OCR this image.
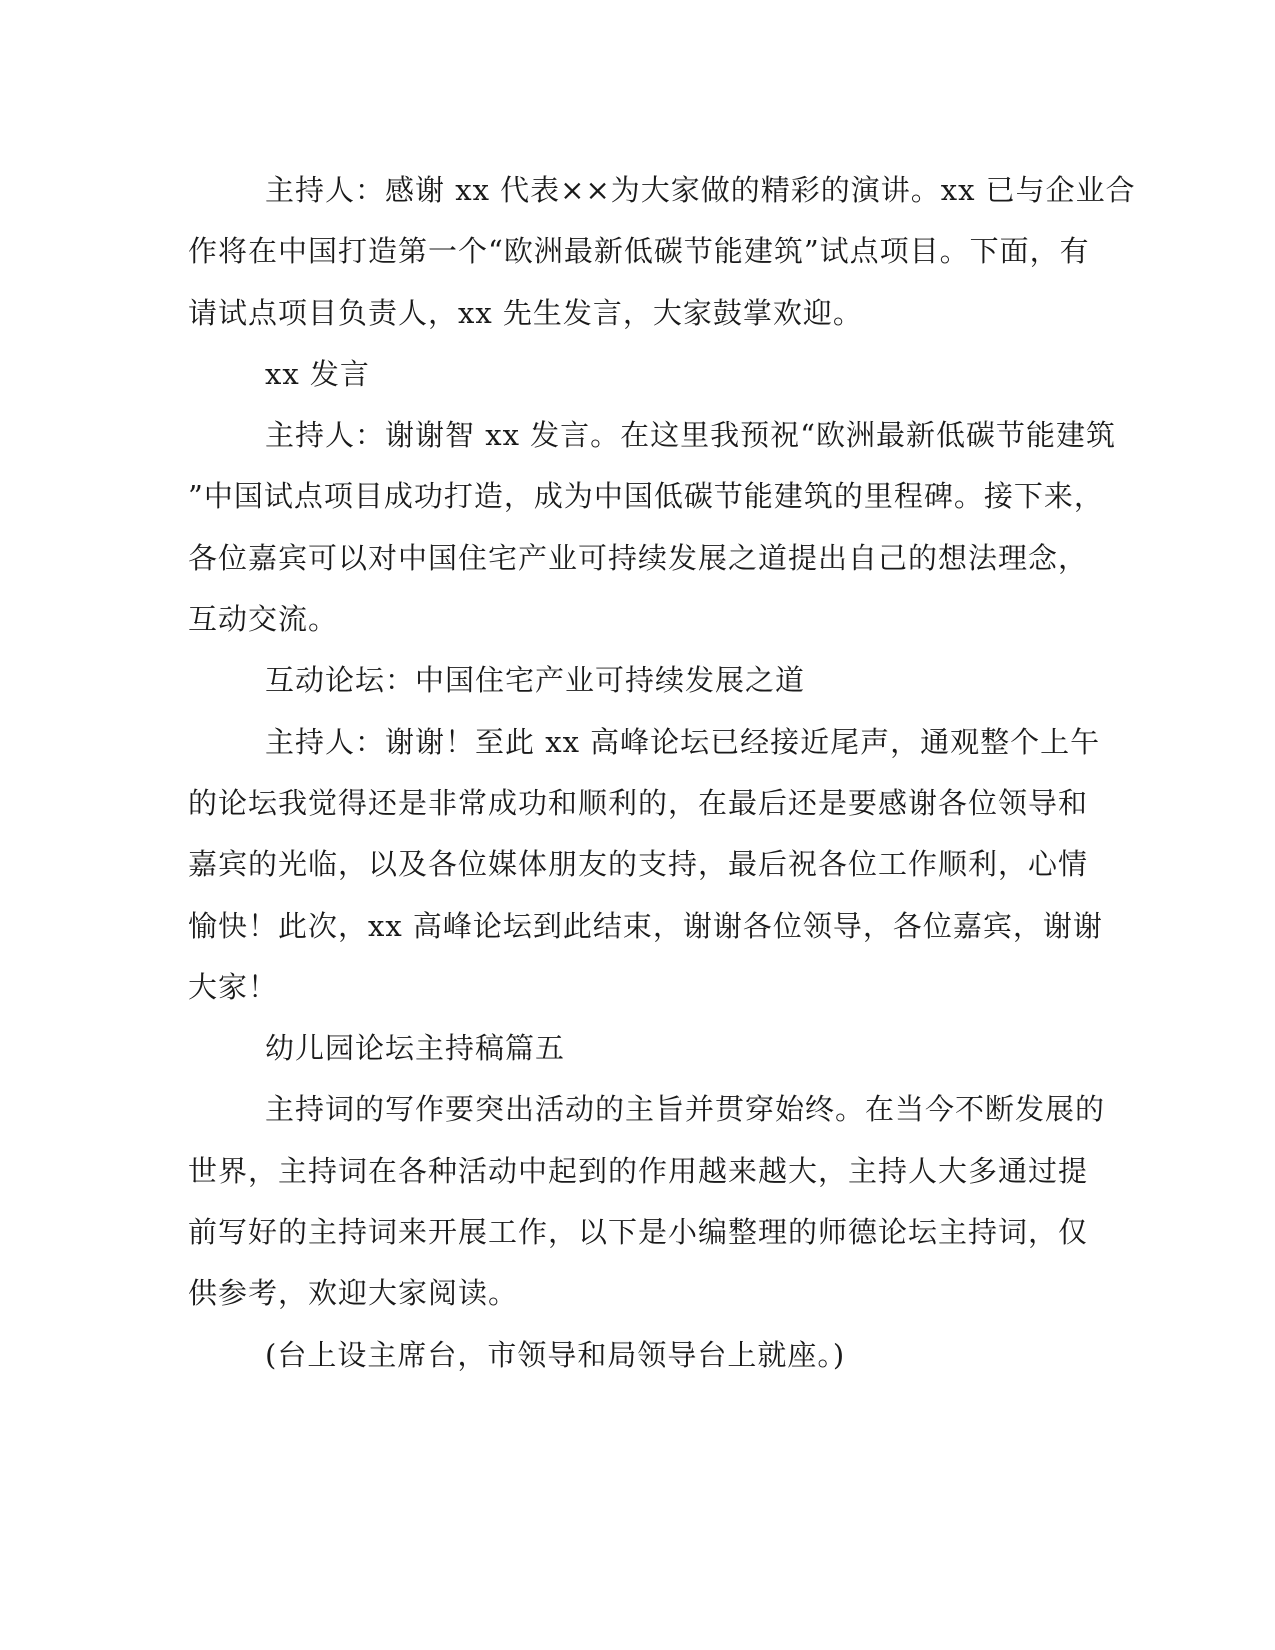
主持人：感谢 xx 代表××为大家做的精彩的演讲。xx 已与企业合
作将在中国打造第一个“欧洲最新低碳节能建筑”试点项目。下面，有
请试点项目负责人，xx 先生发言，大家鼓掌欢迎。
xx 发言
主持人：谢谢智 xx 发言。在这里我预祝“欧洲最新低碳节能建筑
”中国试点项目成功打造，成为中国低碳节能建筑的里程碑。接下来，
各位嘉宾可以对中国住宅产业可持续发展之道提出自己的想法理念，
互动交流。
互动论坛：中国住宅产业可持续发展之道
主持人：谢谢！至此 xx 高峰论坛已经接近尾声，通观整个上午
的论坛我觉得还是非常成功和顺利的，在最后还是要感谢各位领导和
嘉宾的光临，以及各位媒体朋友的支持，最后祝各位工作顺利，心情
愉快！此次，xx 高峰论坛到此结束，谢谢各位领导，各位嘉宾，谢谢
大家！
幼儿园论坛主持稿篇五
主持词的写作要突出活动的主旨并贯穿始终。在当今不断发展的
世界，主持词在各种活动中起到的作用越来越大，主持人大多通过提
前写好的主持词来开展工作，以下是小编整理的师德论坛主持词，仅
供参考，欢迎大家阅读。
(台上设主席台，市领导和局领导台上就座。)
